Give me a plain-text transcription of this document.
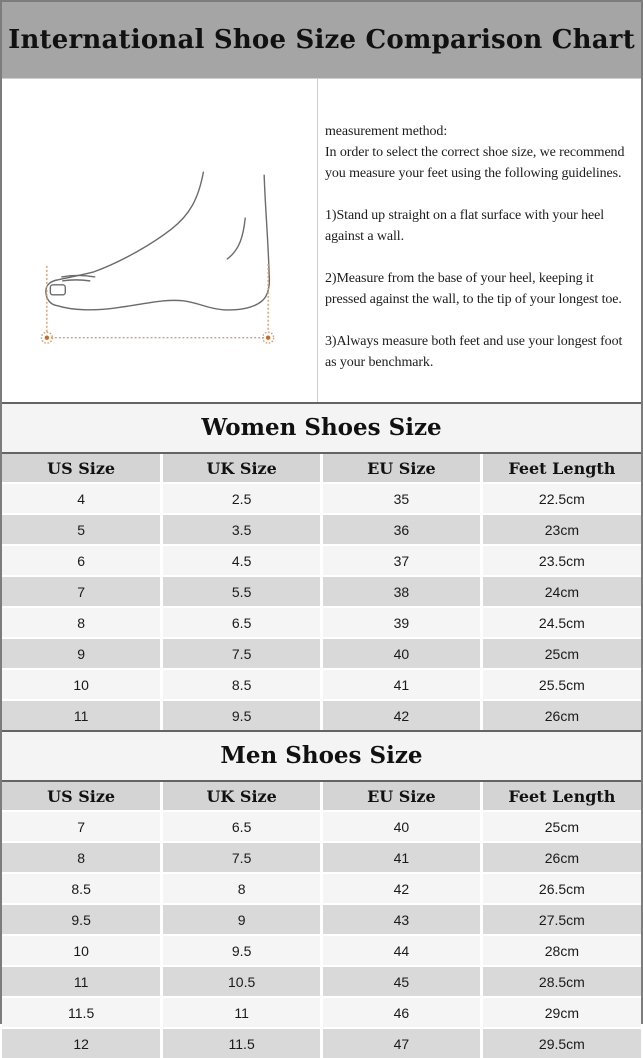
International Shoe Size Comparison Chart

measurement method:
In order to select the correct shoe size, we recommend you measure your feet using the following guidelines.

1)Stand up straight on a flat surface with your heel against a wall.

2)Measure from the base of your heel, keeping it pressed against the wall, to the tip of your longest toe.

3)Always measure both feet and use your longest foot as your benchmark.

Women Shoes Size
US Size	UK Size	EU Size	Feet Length
4	2.5	35	22.5cm
5	3.5	36	23cm
6	4.5	37	23.5cm
7	5.5	38	24cm
8	6.5	39	24.5cm
9	7.5	40	25cm
10	8.5	41	25.5cm
11	9.5	42	26cm
Men Shoes Size
US Size	UK Size	EU Size	Feet Length
7	6.5	40	25cm
8	7.5	41	26cm
8.5	8	42	26.5cm
9.5	9	43	27.5cm
10	9.5	44	28cm
11	10.5	45	28.5cm
11.5	11	46	29cm
12	11.5	47	29.5cm
